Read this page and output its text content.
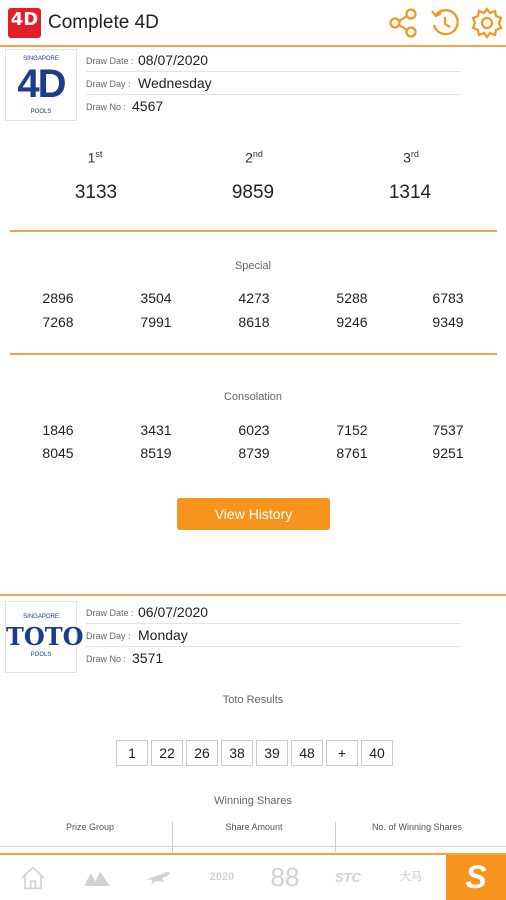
4D Complete 4D
SINGAPORE
4D
POOLS
Draw Date : 08/07/2020
Draw Day : Wednesday
Draw No : 4567
1st	2nd	3rd
3133	9859	1314
Special
2896	3504	4273	5288	6783
7268	7991	8618	9246	9349
Consolation
1846	3431	6023	7152	7537
8045	8519	8739	8761	9251
View History
SINGAPORE
TOTO
POOLS
Draw Date : 06/07/2020
Draw Day : Monday
Draw No : 3571
Toto Results
1	22	26	38	39	48	+	40
Winning Shares
Prize Group	Share Amount	No. of Winning Shares
2020	88	STC	大马	S
